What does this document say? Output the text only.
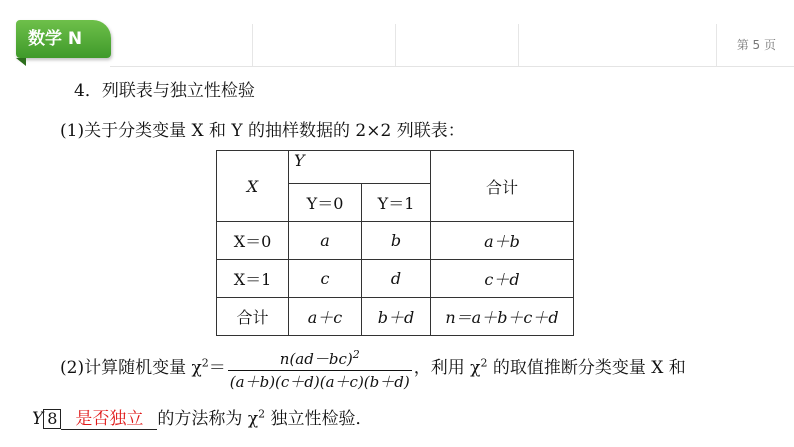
数学 N	第 5 页
4．列联表与独立性检验
(1)关于分类变量 X 和 Y 的抽样数据的 2×2 列联表：
X	Y		合计
	Y＝0	Y＝1	
X＝0	a	b	a＋b
X＝1	c	d	c＋d
合计	a＋c	b＋d	n＝a＋b＋c＋d
(2)计算随机变量 $\chi^2= \frac{n(ad-bc)^2}{(a+b)(c+d)(a+c)(b+d)}$ ，利用 $\chi^2$ 的取值推断分类变量 X 和
Y 8 是否独立 的方法称为 $\chi^2$ 独立性检验．
